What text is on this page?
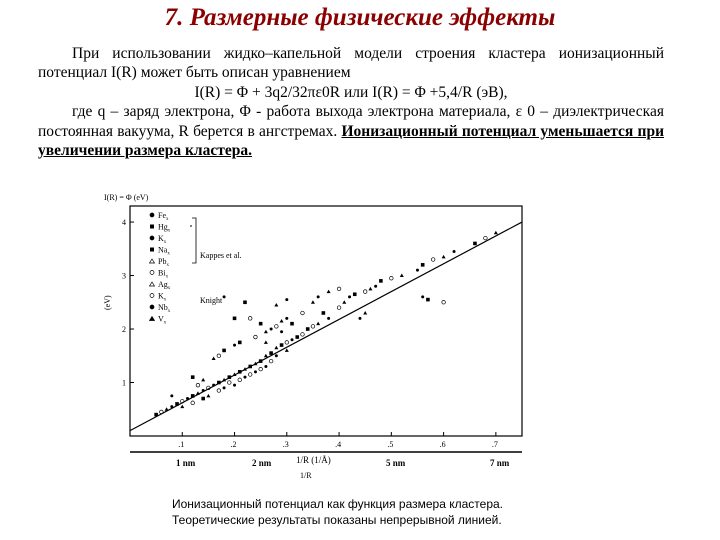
7. Размерные физические эффекты
При использовании жидко–капельной модели строения кластера ионизационный потенциал I(R) может быть описан уравнением
I(R) = Φ + 3q2/32πε0R или I(R) = Φ +5,4/R (эВ),
где q – заряд электрона, Φ - работа выхода электрона материала, ε 0 – диэлектрическая постоянная вакуума, R берется в ангстремах. Ионизационный потенциал уменьшается при увеличении размера кластера.
I(R) = Φ (eV)
(eV)
1/R (1/Å)
1/R
1 nm	2 nm	5 nm	7 nm
.1	.2	.3	.4	.5	.6	.7
1
2
3
4
$Fe_x$
$Hg_x$
$K_x$
$Na_x$
$Pb_x$
$Bi_x$
$Ag_x$
$K_x$
$Nb_x$
$V_x$
Kappes et al.
Knight
Ионизационный потенциал как функция размера кластера.
Теоретические результаты показаны непрерывной линией.
